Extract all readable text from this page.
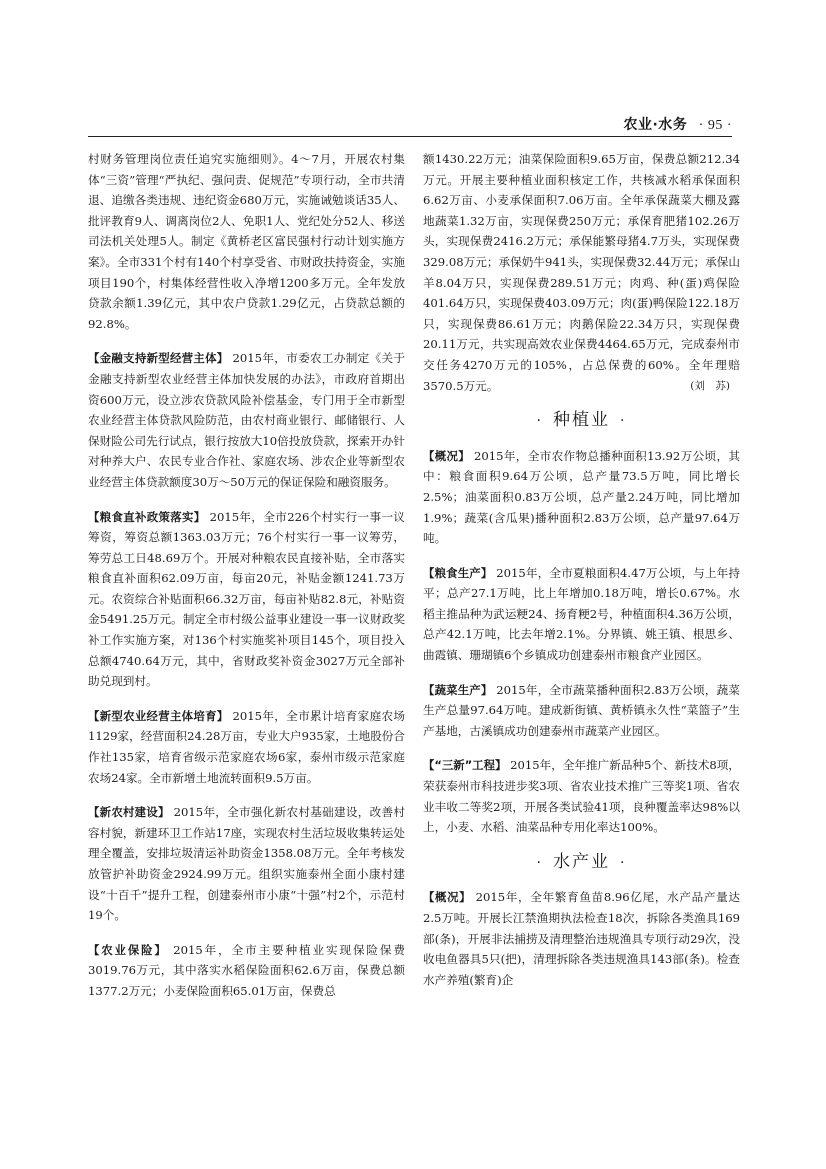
农业·水务 · 95 ·

村财务管理岗位责任追究实施细则》。4～7月，开展农村集体“三资”管理“严执纪、强问责、促规范”专项行动，全市共清退、追缴各类违规、违纪资金680万元，实施诫勉谈话35人、批评教育9人、调离岗位2人、免职1人、党纪处分52人、移送司法机关处理5人。制定《黄桥老区富民强村行动计划实施方案》。全市331个村有140个村享受省、市财政扶持资金，实施项目190个，村集体经营性收入净增1200多万元。全年发放贷款余额1.39亿元，其中农户贷款1.29亿元，占贷款总额的92.8%。

【金融支持新型经营主体】 2015年，市委农工办制定《关于金融支持新型农业经营主体加快发展的办法》，市政府首期出资600万元，设立涉农贷款风险补偿基金，专门用于全市新型农业经营主体贷款风险防范，由农村商业银行、邮储银行、人保财险公司先行试点，银行按放大10倍投放贷款，探索开办针对种养大户、农民专业合作社、家庭农场、涉农企业等新型农业经营主体贷款额度30万～50万元的保证保险和融资服务。

【粮食直补政策落实】 2015年，全市226个村实行一事一议筹资，筹资总额1363.03万元；76个村实行一事一议筹劳，筹劳总工日48.69万个。开展对种粮农民直接补贴，全市落实粮食直补面积62.09万亩，每亩20元，补贴金额1241.73万元。农资综合补贴面积66.32万亩，每亩补贴82.8元，补贴资金5491.25万元。制定全市村级公益事业建设一事一议财政奖补工作实施方案，对136个村实施奖补项目145个，项目投入总额4740.64万元，其中，省财政奖补资金3027万元全部补助兑现到村。

【新型农业经营主体培育】 2015年，全市累计培育家庭农场1129家，经营面积24.28万亩，专业大户935家，土地股份合作社135家，培育省级示范家庭农场6家，泰州市级示范家庭农场24家。全市新增土地流转面积9.5万亩。

【新农村建设】 2015年，全市强化新农村基础建设，改善村容村貌，新建环卫工作站17座，实现农村生活垃圾收集转运处理全覆盖，安排垃圾清运补助资金1358.08万元。全年考核发放管护补助资金2924.99万元。组织实施泰州全面小康村建设“十百千”提升工程，创建泰州市小康“十强”村2个，示范村19个。

【农业保险】 2015年，全市主要种植业实现保险保费3019.76万元，其中落实水稻保险面积62.6万亩，保费总额1377.2万元；小麦保险面积65.01万亩，保费总

额1430.22万元；油菜保险面积9.65万亩，保费总额212.34万元。开展主要种植业面积核定工作，共核减水稻承保面积6.62万亩、小麦承保面积7.06万亩。全年承保蔬菜大棚及露地蔬菜1.32万亩，实现保费250万元；承保育肥猪102.26万头，实现保费2416.2万元；承保能繁母猪4.7万头，实现保费329.08万元；承保奶牛941头，实现保费32.44万元；承保山羊8.04万只，实现保费289.51万元；肉鸡、种(蛋)鸡保险401.64万只，实现保费403.09万元；肉(蛋)鸭保险122.18万只，实现保费86.61万元；肉鹅保险22.34万只，实现保费20.11万元，共实现高效农业保费4464.65万元，完成泰州市交任务4270万元的105%，占总保费的60%。全年理赔3570.5万元。	(刘　苏)

· 种植业 ·

【概况】 2015年，全市农作物总播种面积13.92万公顷，其中：粮食面积9.64万公顷，总产量73.5万吨，同比增长2.5%；油菜面积0.83万公顷，总产量2.24万吨，同比增加1.9%；蔬菜(含瓜果)播种面积2.83万公顷，总产量97.64万吨。

【粮食生产】 2015年，全市夏粮面积4.47万公顷，与上年持平；总产27.1万吨，比上年增加0.18万吨，增长0.67%。水稻主推品种为武运粳24、扬育粳2号，种植面积4.36万公顷，总产42.1万吨，比去年增2.1%。分界镇、姚王镇、根思乡、曲霞镇、珊瑚镇6个乡镇成功创建泰州市粮食产业园区。

【蔬菜生产】 2015年，全市蔬菜播种面积2.83万公顷，蔬菜生产总量97.64万吨。建成新街镇、黄桥镇永久性“菜篮子”生产基地，古溪镇成功创建泰州市蔬菜产业园区。

【“三新”工程】 2015年，全年推广新品种5个、新技术8项，荣获泰州市科技进步奖3项、省农业技术推广三等奖1项、省农业丰收二等奖2项，开展各类试验41项，良种覆盖率达98%以上，小麦、水稻、油菜品种专用化率达100%。

· 水产业 ·

【概况】 2015年，全年繁育鱼苗8.96亿尾，水产品产量达2.5万吨。开展长江禁渔期执法检查18次，拆除各类渔具169部(条)，开展非法捕捞及清理整治违规渔具专项行动29次，没收电鱼器具5只(把)，清理拆除各类违规渔具143部(条)。检查水产养殖(繁育)企
